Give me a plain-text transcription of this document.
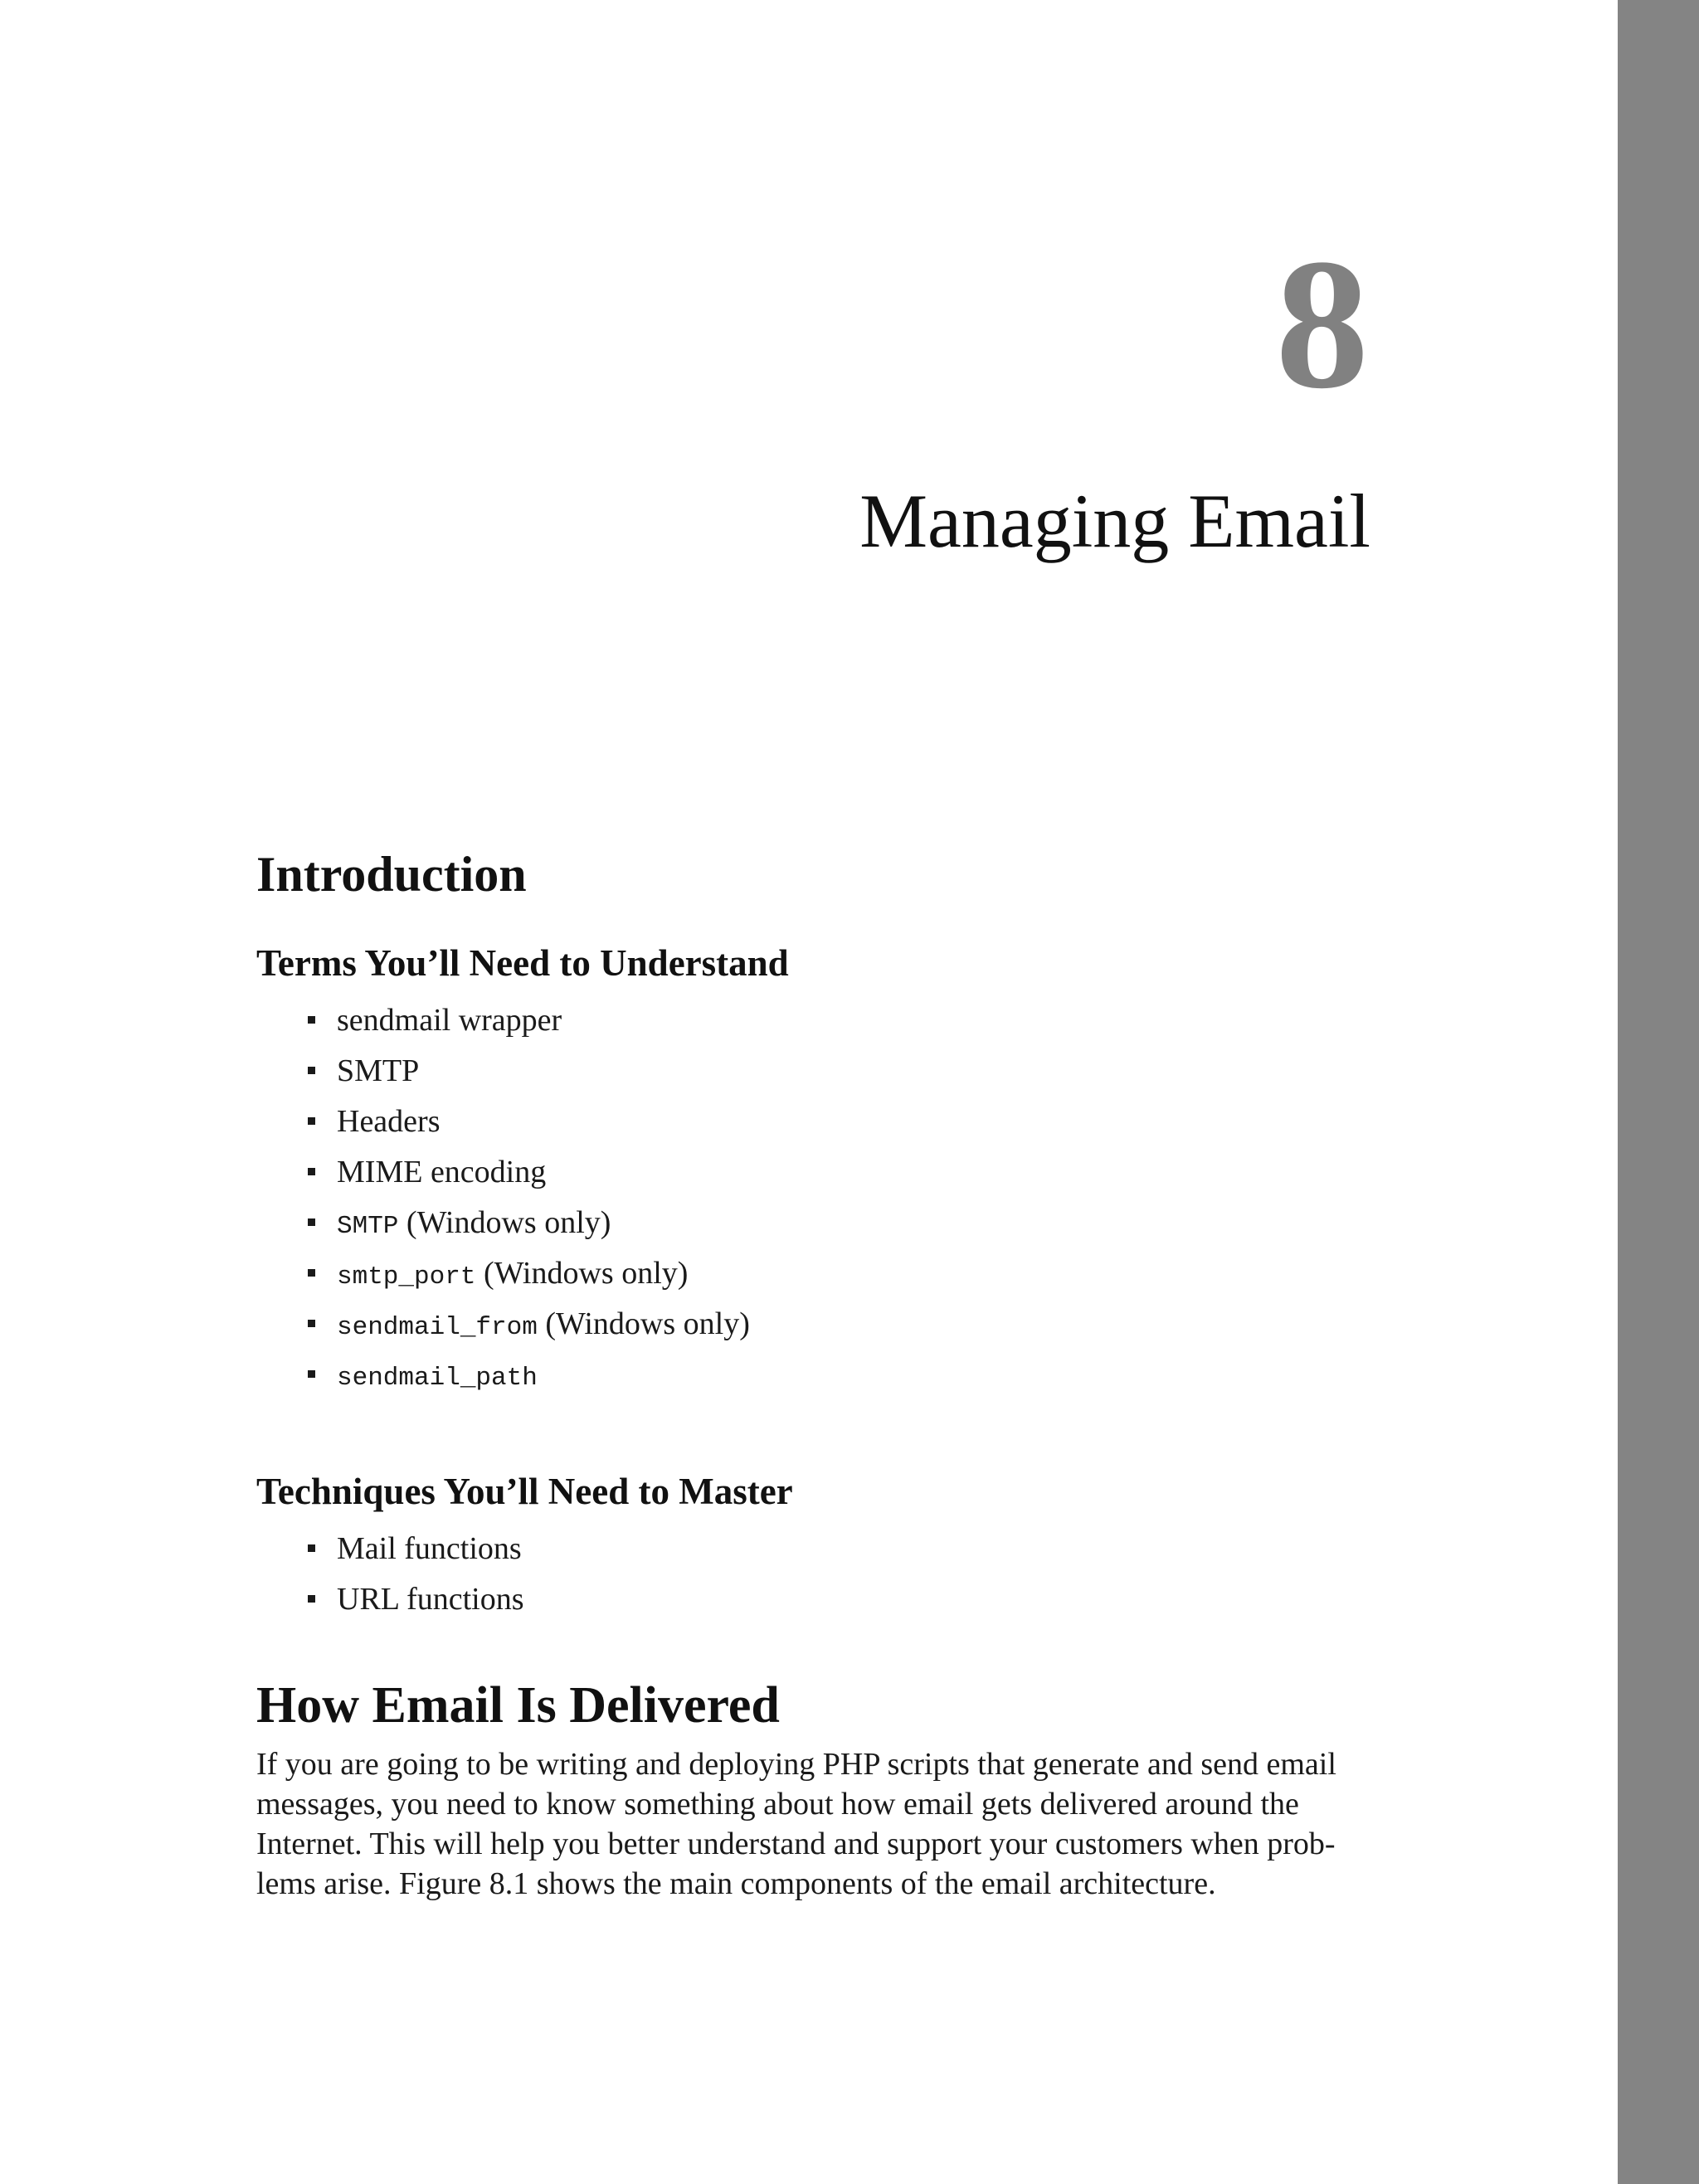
8
Managing Email
Introduction
Terms You’ll Need to Understand
sendmail wrapper
SMTP
Headers
MIME encoding
SMTP (Windows only)
smtp_port (Windows only)
sendmail_from (Windows only)
sendmail_path
Techniques You’ll Need to Master
Mail functions
URL functions
How Email Is Delivered

If you are going to be writing and deploying PHP scripts that generate and send email
messages, you need to know something about how email gets delivered around the
Internet. This will help you better understand and support your customers when prob-
lems arise. Figure 8.1 shows the main components of the email architecture.
